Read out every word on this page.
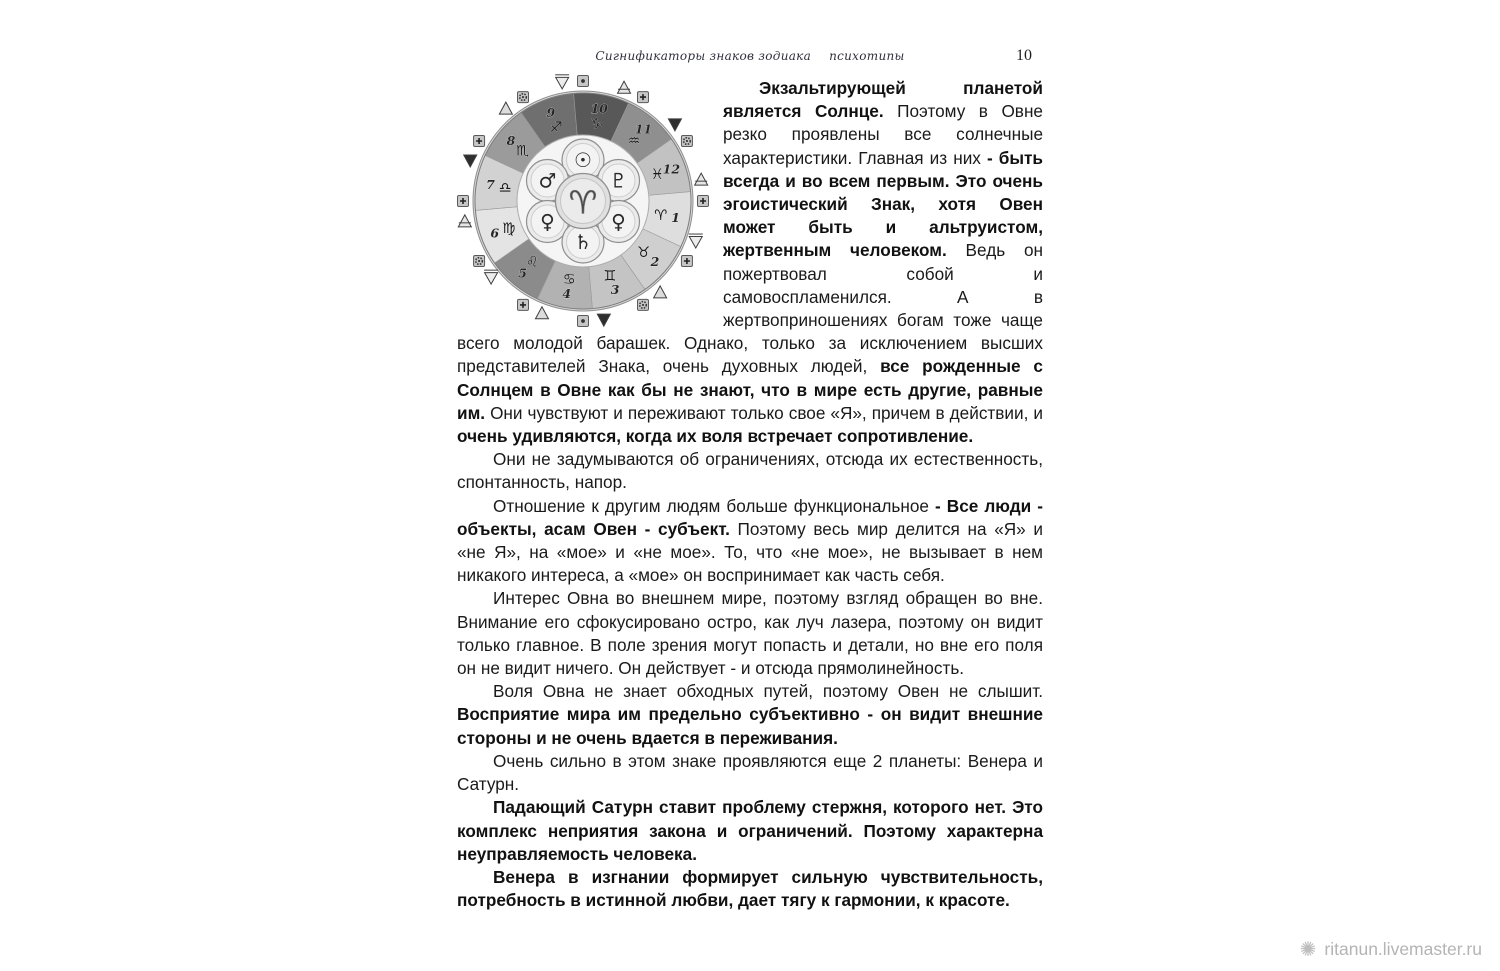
Сигнификаторы знаков зодиака психотипы	10
1
♈
2
♉
3
♊
4
♋
5
♌
6 ♍
7 ♎
8
♏
9
♐
10
♑	11
♒
12
♓
☉
♂	♇
♀
♄
♀
♈

Экзальтирующей планетой является Солнце. Поэтому в Овне резко проявлены все солнечные характеристики. Главная из них - быть всегда и во всем первым. Это очень эгоистический Знак, хотя Овен может быть и альтруистом, жертвенным человеком. Ведь он пожертвовал собой и самовоспламенился. А в жертвоприношениях богам тоже чаще всего молодой барашек. Однако, только за исключением высших представителей Знака, очень духовных людей, все рожденные с Солнцем в Овне как бы не знают, что в мире есть другие, равные им. Они чувствуют и переживают только свое «Я», причем в действии, и очень удивляются, когда их воля встречает сопротивление.

Они не задумываются об ограничениях, отсюда их естественность, спонтанность, напор.

Отношение к другим людям больше функциональное - Все люди - объекты, асам Овен - субъект. Поэтому весь мир делится на «Я» и «не Я», на «мое» и «не мое». То, что «не мое», не вызывает в нем никакого интереса, а «мое» он воспринимает как часть себя.

Интерес Овна во внешнем мире, поэтому взгляд обращен во вне. Внимание его сфокусировано остро, как луч лазера, поэтому он видит только главное. В поле зрения могут попасть и детали, но вне его поля он не видит ничего. Он действует - и отсюда прямолинейность.

Воля Овна не знает обходных путей, поэтому Овен не слышит. Восприятие мира им предельно субъективно - он видит внешние стороны и не очень вдается в переживания.

Очень сильно в этом знаке проявляются еще 2 планеты: Венера и Сатурн.

Падающий Сатурн ставит проблему стержня, которого нет. Это комплекс неприятия закона и ограничений. Поэтому характерна неуправляемость человека.

Венера в изгнании формирует сильную чувствительность, потребность в истинной любви, дает тягу к гармонии, к красоте.

✺ ritanun.livemaster.ru
